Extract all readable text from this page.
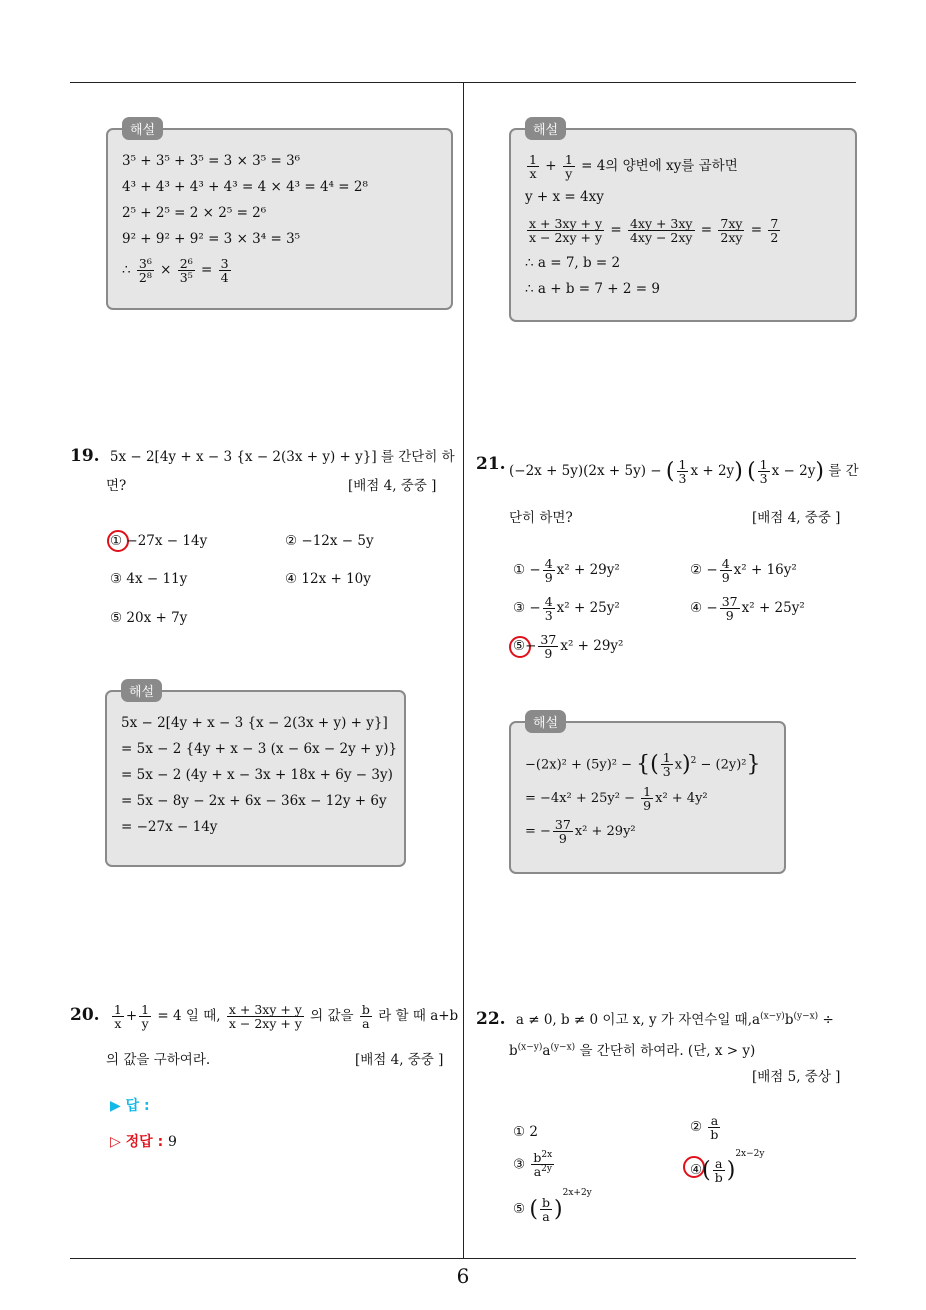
해설
3⁵ + 3⁵ + 3⁵ = 3 × 3⁵ = 3⁶
4³ + 4³ + 4³ + 4³ = 4 × 4³ = 4⁴ = 2⁸
2⁵ + 2⁵ = 2 × 2⁵ = 2⁶
9² + 9² + 9² = 3 × 3⁴ = 3⁵
∴ $\frac{\text{3⁶}}{\text{2⁸}} \times \frac{\text{2⁶}}{\text{3⁵}} = \frac{3}{4}$
해설
$\frac{1}{x} + \frac{1}{y} = 4$의 양변에 xy를 곱하면
y + x = 4xy
$\frac{x + 3xy + y}{x - 2xy + y} = \frac{4xy + 3xy}{4xy - 2xy} = \frac{7xy}{2xy} = \frac{7}{2}$
∴ a = 7, b = 2
∴ a + b = 7 + 2 = 9
19. 5x − 2[4y + x − 3 {x − 2(3x + y) + y}] 를 간단히 하
면?	[배점 4, 중중 ]
① −27x − 14y	② −12x − 5y
③ 4x − 11y	④ 12x + 10y
⑤ 20x + 7y
해설
5x − 2[4y + x − 3 {x − 2(3x + y) + y}]
= 5x − 2 {4y + x − 3 (x − 6x − 2y + y)}
= 5x − 2 (4y + x − 3x + 18x + 6y − 3y)
= 5x − 8y − 2x + 6x − 36x − 12y + 6y
= −27x − 14y
20. $\frac{1}{x} + \frac{1}{y} = 4$ 일 때, $\frac{x + 3xy + y}{x - 2xy + y}$ 의 값을 $\frac{b}{a}$ 라 할 때 a+b
의 값을 구하여라.	[배점 4, 중중 ]
▶ 답 :
▷ 정답 : 9
21. (−2x + 5y)(2x + 5y) − ( $\frac{1}{3}$ x + 2y) ( $\frac{1}{3}$ x − 2y) 를 간
단히 하면?	[배점 4, 중중 ]
① − $\frac{4}{9} x^2 + 29y^2$	② − $\frac{4}{9} x^2 + 16y^2$
③ − $\frac{4}{3} x^2 + 25y^2$	④ − $\frac{37}{9} x^2 + 25y^2$
⑤− $\frac{37}{9} x^2 + 29y^2$
해설
−(2x)² + (5y)² − {( $\frac{1}{3} x)^2 - (2y)^2$}
= $-4x^2 + 25y^2 - \frac{1}{9} x^2 + 4y^2$
= − $\frac{37}{9} x^2 + 29y^2$
22. a ≠ 0, b ≠ 0 이고 x, y 가 자연수일 때$,a^{(x-y)}b^{(y-x)}$ ÷
$b^{(x-y)}a^{(y-x)}$ 을 간단히 하여라. (단, x > y)
[배점 5, 중상 ]
① 2	② $\frac{a}{b}$
③ $\frac{b^{2x}}{a^{2y}}$	④( $\frac{a}{b} )^{2x-2y}$
⑤ ( $\frac{b}{a} )^{2x+2y}$
6
